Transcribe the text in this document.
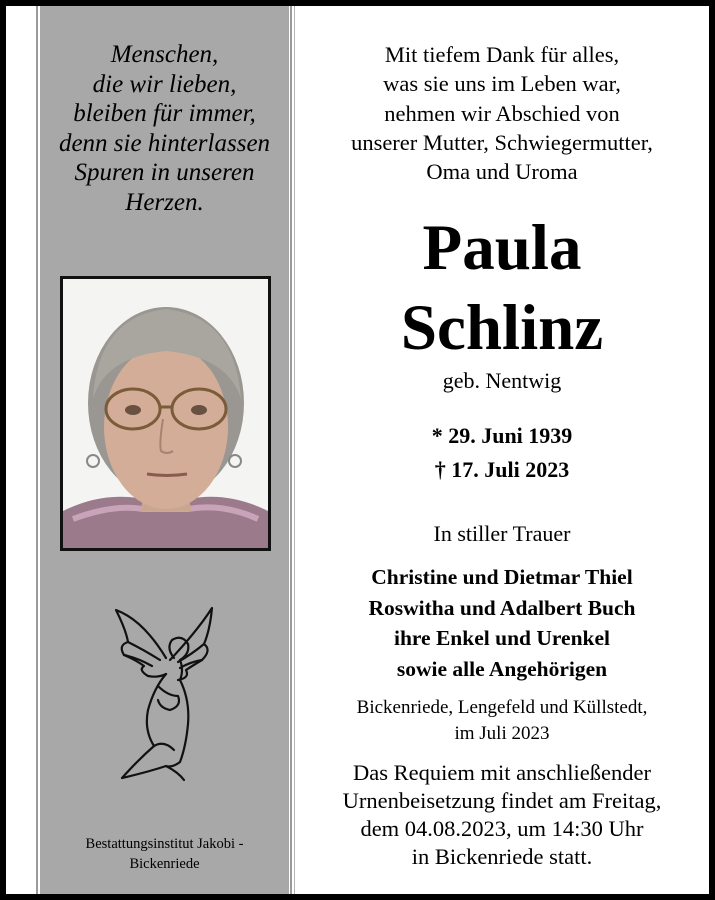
Menschen,
die wir lieben,
bleiben für immer,
denn sie hinterlassen
Spuren in unseren
Herzen.
Bestattungsinstitut Jakobi -
Bickenriede
Mit tiefem Dank für alles,
was sie uns im Leben war,
nehmen wir Abschied von
unserer Mutter, Schwiegermutter,
Oma und Uroma
Paula
Schlinz
geb. Nentwig
* 29. Juni 1939
† 17. Juli 2023
In stiller Trauer
Christine und Dietmar Thiel
Roswitha und Adalbert Buch
ihre Enkel und Urenkel
sowie alle Angehörigen
Bickenriede, Lengefeld und Küllstedt,
im Juli 2023
Das Requiem mit anschließender
Urnenbeisetzung findet am Freitag,
dem 04.08.2023, um 14:30 Uhr
in Bickenriede statt.
